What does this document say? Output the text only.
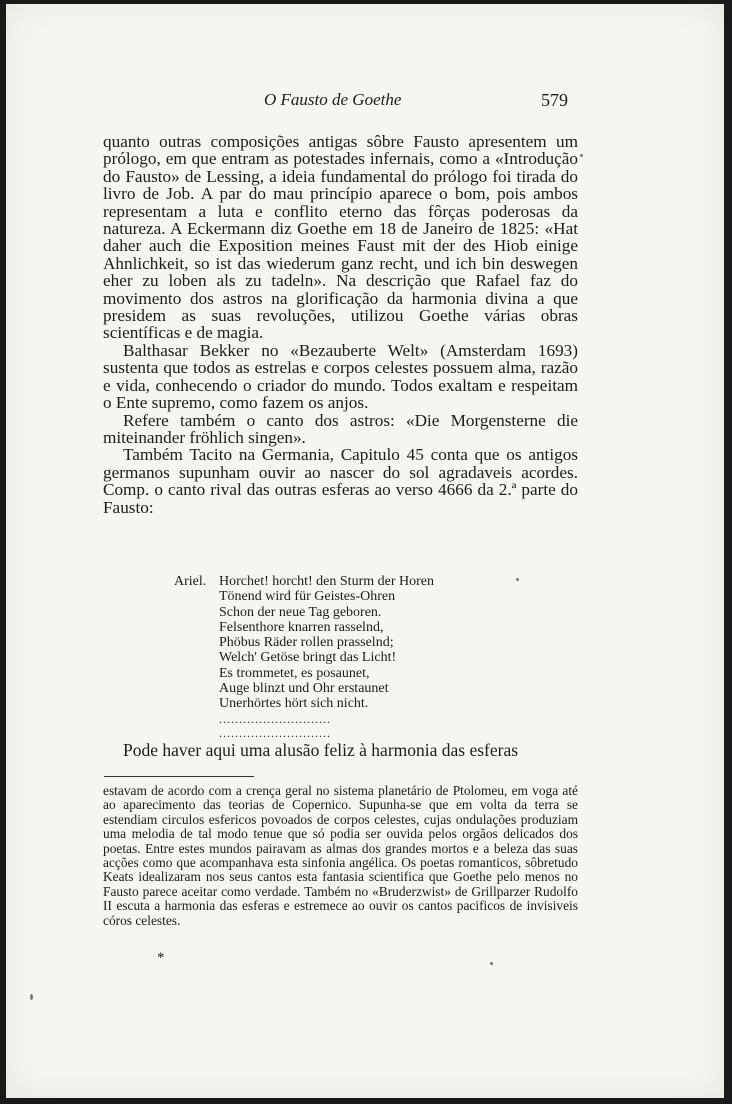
O Fausto de Goethe	579

quanto outras composições antigas sôbre Fausto apresentem um prólogo, em que entram as potestades infernais, como a «Introdução do Fausto» de Lessing, a ideia fundamental do prólogo foi tirada do livro de Job. A par do mau princípio aparece o bom, pois ambos representam a luta e conflito eterno das fôrças poderosas da natureza. A Eckermann diz Goethe em 18 de Janeiro de 1825: «Hat daher auch die Exposition meines Faust mit der des Hiob einige Ahnlichkeit, so ist das wiederum ganz recht, und ich bin deswegen eher zu loben als zu tadeln». Na descrição que Rafael faz do movimento dos astros na glorificação da harmonia divina a que presidem as suas revoluções, utilizou Goethe várias obras scientíficas e de magia.

Balthasar Bekker no «Bezauberte Welt» (Amsterdam 1693) sustenta que todos as estrelas e corpos celestes possuem alma, razão e vida, conhecendo o criador do mundo. Todos exaltam e respeitam o Ente supremo, como fazem os anjos.

Refere também o canto dos astros: «Die Morgensterne die miteinander fröhlich singen».

Também Tacito na Germania, Capitulo 45 conta que os antigos germanos supunham ouvir ao nascer do sol agradaveis acordes. Comp. o canto rival das outras esferas ao verso 4666 da 2.ª parte do Fausto:

Ariel. Horchet! horcht! den Sturm der Horen
Tönend wird für Geistes-Ohren
Schon der neue Tag geboren.
Felsenthore knarren rasselnd,
Phöbus Räder rollen prasselnd;
Welch' Getöse bringt das Licht!
Es trommetet, es posaunet,
Auge blinzt und Ohr erstaunet
Unerhörtes hört sich nicht.
............................
............................
Pode haver aqui uma alusão feliz à harmonia das esferas
estavam de acordo com a crença geral no sistema planetário de Ptolomeu, em voga até ao aparecimento das teorias de Copernico. Supunha-se que em volta da terra se estendiam circulos esfericos povoados de corpos celestes, cujas ondulações produziam uma melodia de tal modo tenue que só podia ser ouvida pelos orgãos delicados dos poetas. Entre estes mundos pairavam as almas dos grandes mortos e a beleza das suas acções como que acompanhava esta sinfonia angélica. Os poetas romanticos, sôbretudo Keats idealizaram nos seus cantos esta fantasia scientifica que Goethe pelo menos no Fausto parece aceitar como verdade. Também no «Bruderzwist» de Grillparzer Rudolfo II escuta a harmonia das esferas e estremece ao ouvir os cantos pacificos de invisiveis córos celestes.
*
